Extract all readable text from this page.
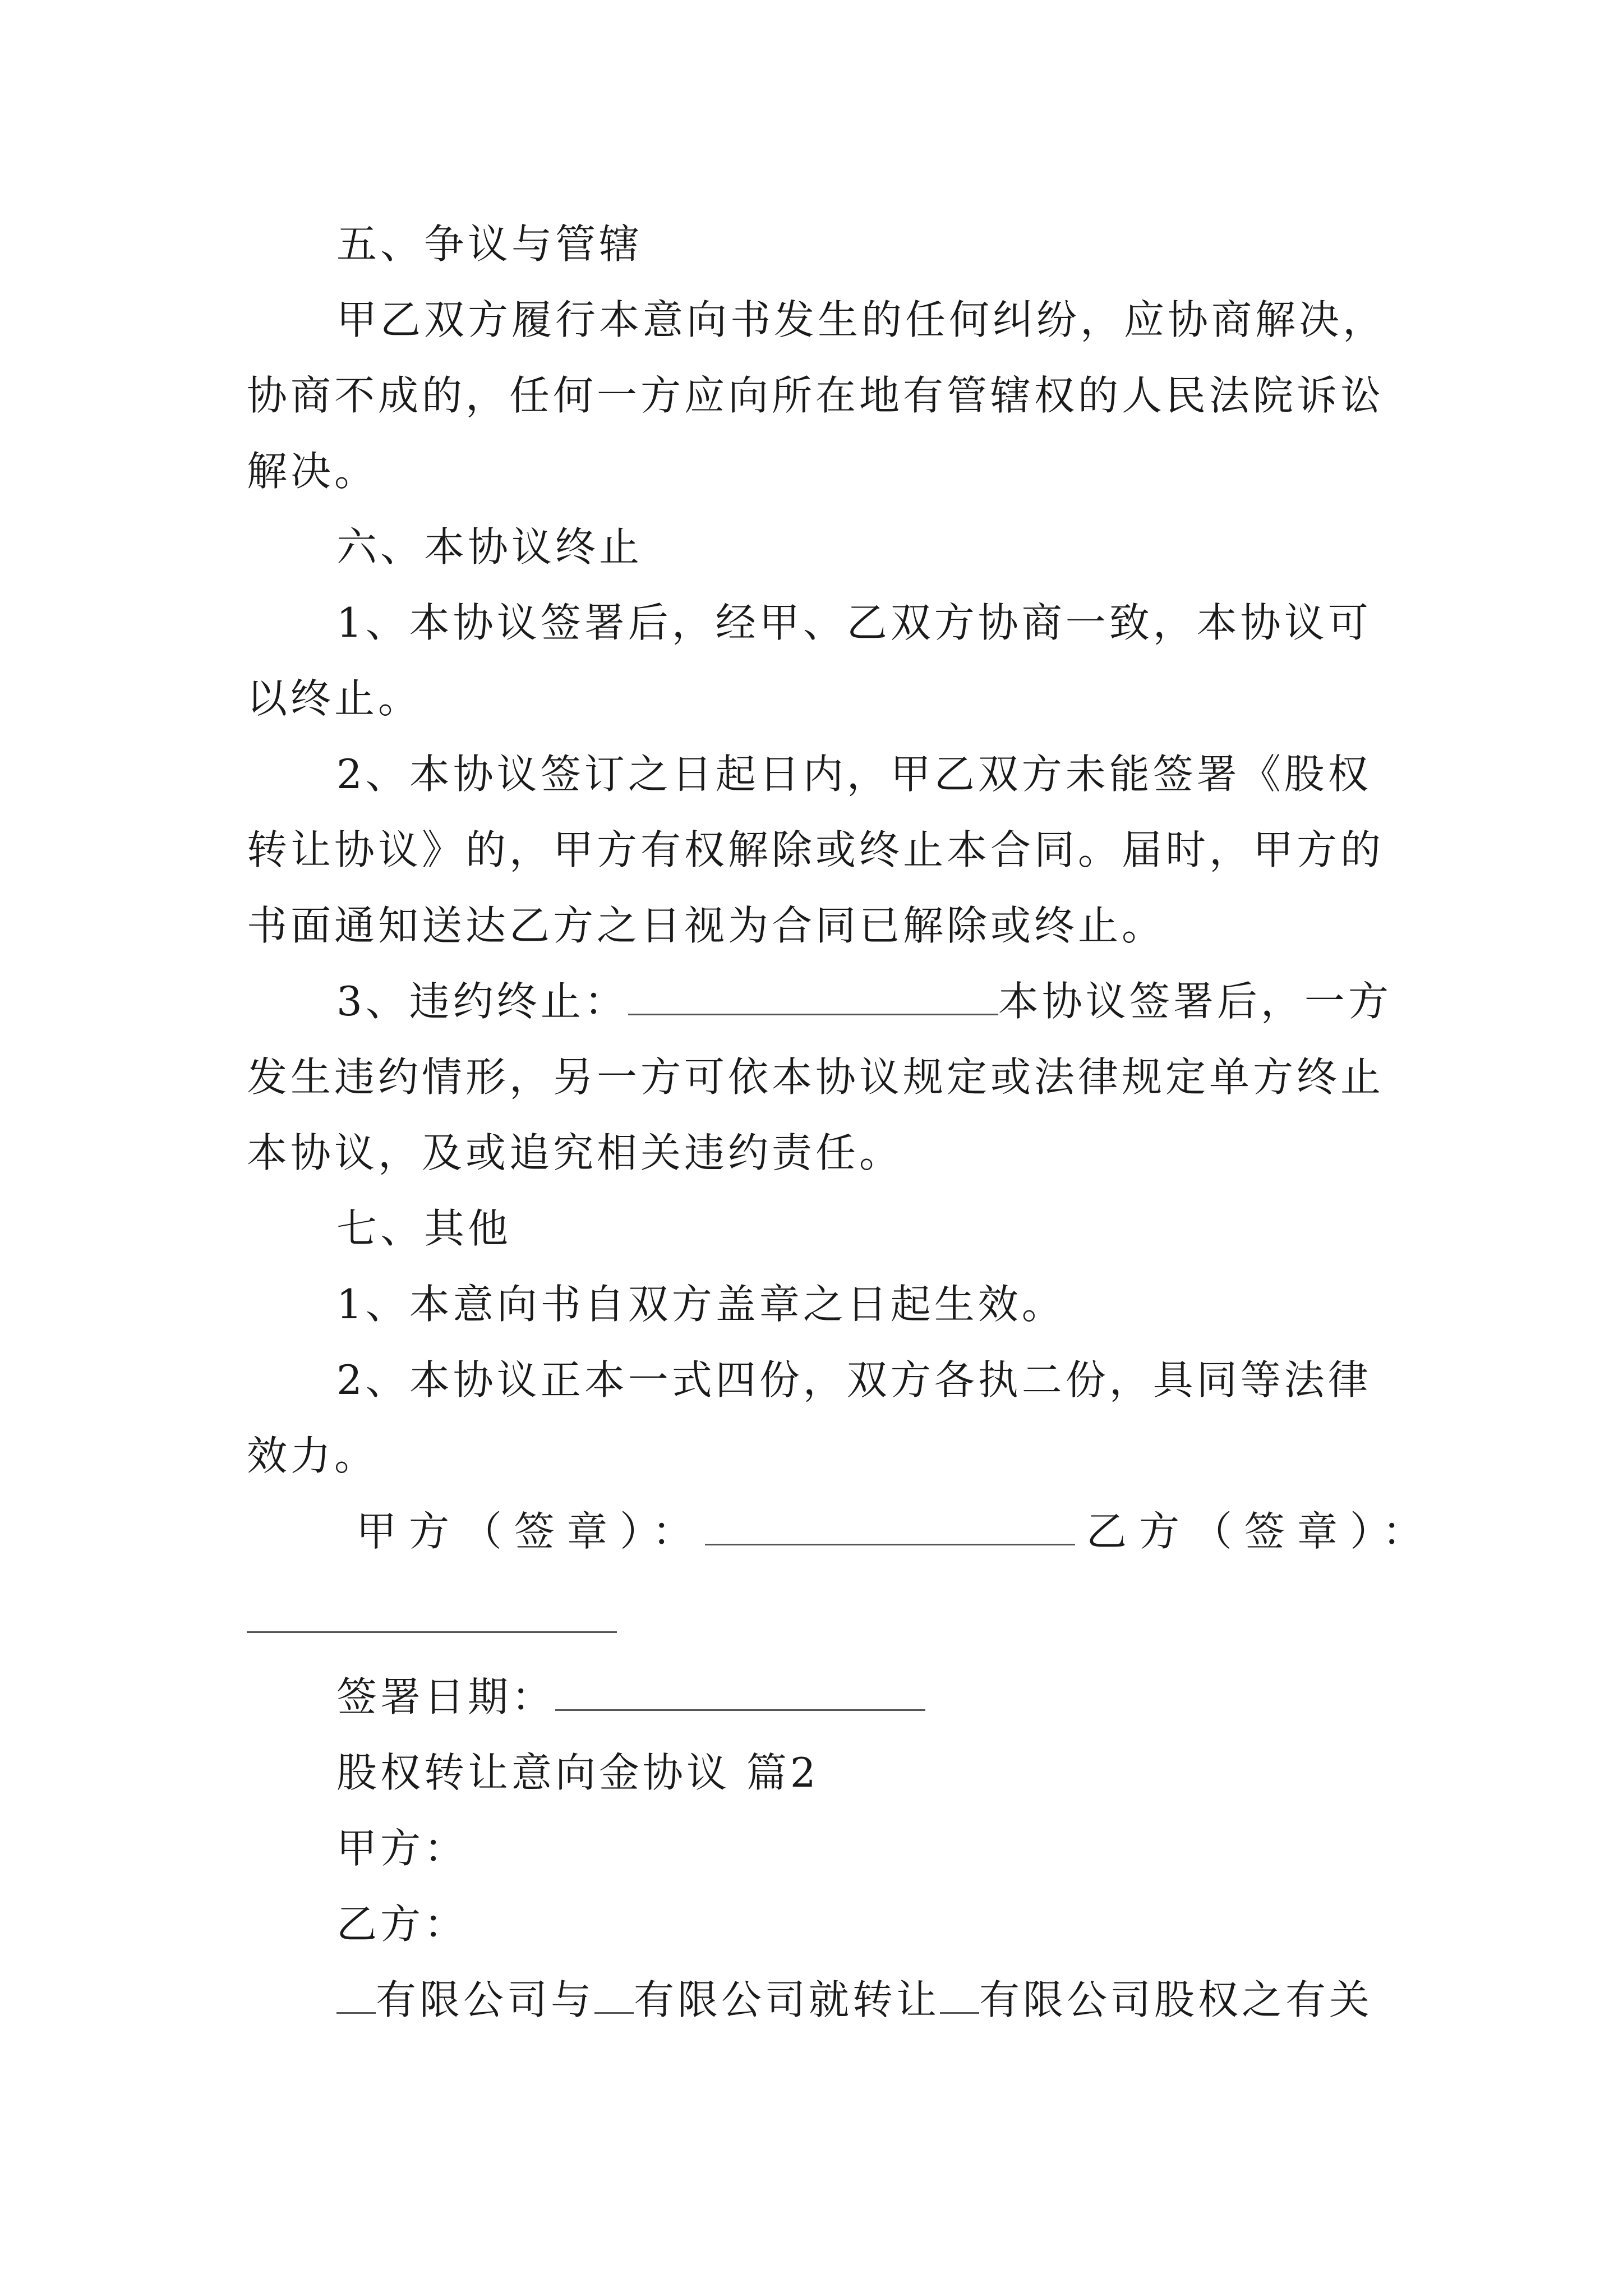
五、争议与管辖
甲乙双方履行本意向书发生的任何纠纷，应协商解决，
协商不成的，任何一方应向所在地有管辖权的人民法院诉讼
解决。
六、本协议终止
1、本协议签署后，经甲、乙双方协商一致，本协议可
以终止。
2、本协议签订之日起日内，甲乙双方未能签署《股权
转让协议》的，甲方有权解除或终止本合同。届时，甲方的
书面通知送达乙方之日视为合同已解除或终止。
3、违约终止：	本协议签署后，一方
发生违约情形，另一方可依本协议规定或法律规定单方终止
本协议，及或追究相关违约责任。
七、其他
1、本意向书自双方盖章之日起生效。
2、本协议正本一式四份，双方各执二份，具同等法律
效力。
甲方（签章）：	乙方（签章）：
签署日期：
股权转让意向金协议 篇2
甲方：
乙方：
有限公司与 有限公司就转让 有限公司股权之有关
